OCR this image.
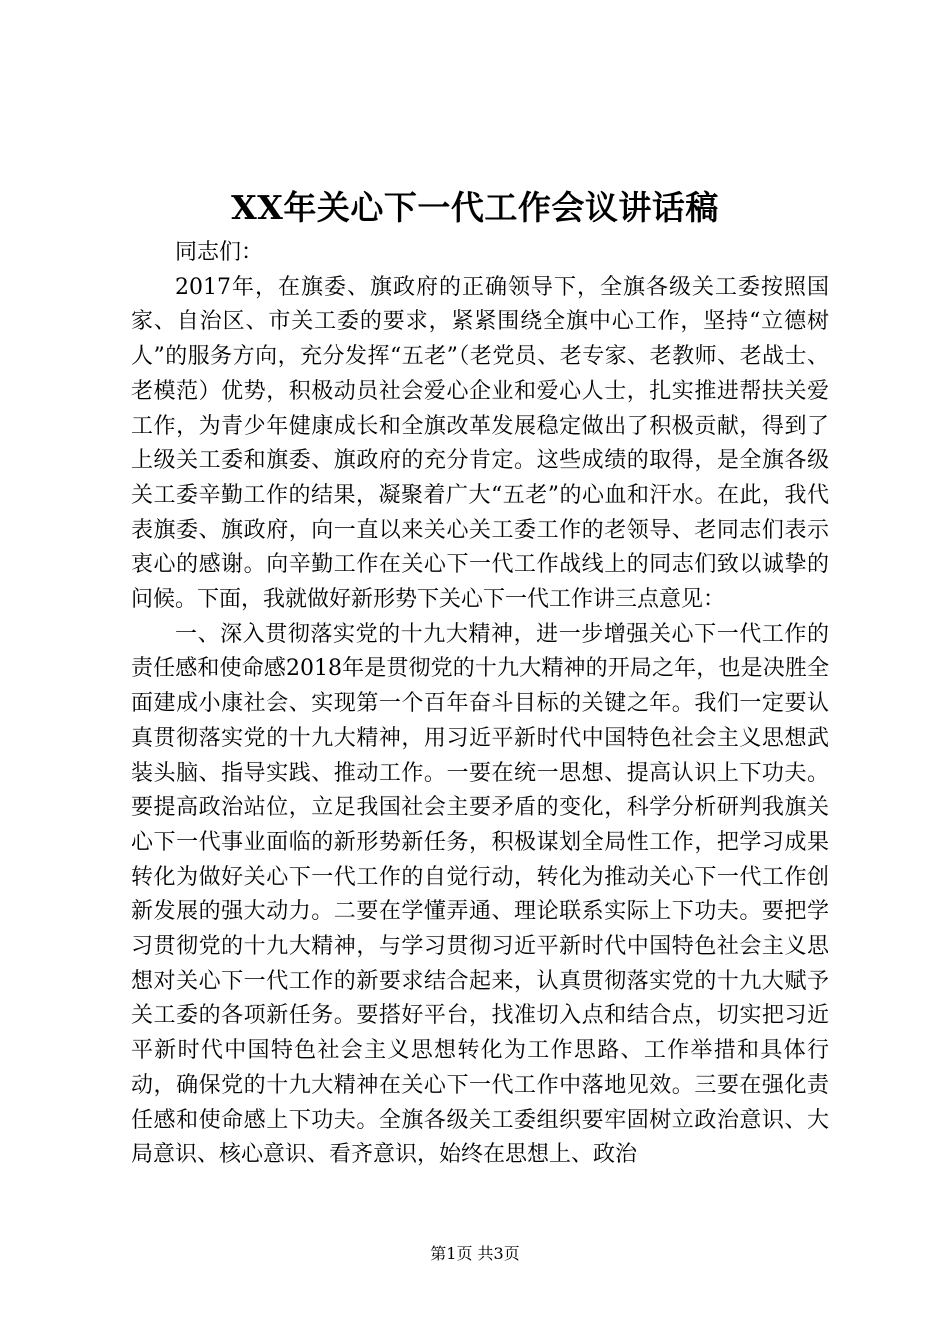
XX年关心下一代工作会议讲话稿

同志们：

2017年，在旗委、旗政府的正确领导下，全旗各级关工委按照国家、自治区、市关工委的要求，紧紧围绕全旗中心工作，坚持“立德树人”的服务方向，充分发挥“五老”（老党员、老专家、老教师、老战士、老模范）优势，积极动员社会爱心企业和爱心人士，扎实推进帮扶关爱工作，为青少年健康成长和全旗改革发展稳定做出了积极贡献，得到了上级关工委和旗委、旗政府的充分肯定。这些成绩的取得，是全旗各级关工委辛勤工作的结果，凝聚着广大“五老”的心血和汗水。在此，我代表旗委、旗政府，向一直以来关心关工委工作的老领导、老同志们表示衷心的感谢。向辛勤工作在关心下一代工作战线上的同志们致以诚挚的问候。下面，我就做好新形势下关心下一代工作讲三点意见：

一、深入贯彻落实党的十九大精神，进一步增强关心下一代工作的责任感和使命感2018年是贯彻党的十九大精神的开局之年，也是决胜全面建成小康社会、实现第一个百年奋斗目标的关键之年。我们一定要认真贯彻落实党的十九大精神，用习近平新时代中国特色社会主义思想武装头脑、指导实践、推动工作。一要在统一思想、提高认识上下功夫。要提高政治站位，立足我国社会主要矛盾的变化，科学分析研判我旗关心下一代事业面临的新形势新任务，积极谋划全局性工作，把学习成果转化为做好关心下一代工作的自觉行动，转化为推动关心下一代工作创新发展的强大动力。二要在学懂弄通、理论联系实际上下功夫。要把学习贯彻党的十九大精神，与学习贯彻习近平新时代中国特色社会主义思想对关心下一代工作的新要求结合起来，认真贯彻落实党的十九大赋予关工委的各项新任务。要搭好平台，找准切入点和结合点，切实把习近平新时代中国特色社会主义思想转化为工作思路、工作举措和具体行动，确保党的十九大精神在关心下一代工作中落地见效。三要在强化责任感和使命感上下功夫。全旗各级关工委组织要牢固树立政治意识、大局意识、核心意识、看齐意识，始终在思想上、政治

第1页 共3页
